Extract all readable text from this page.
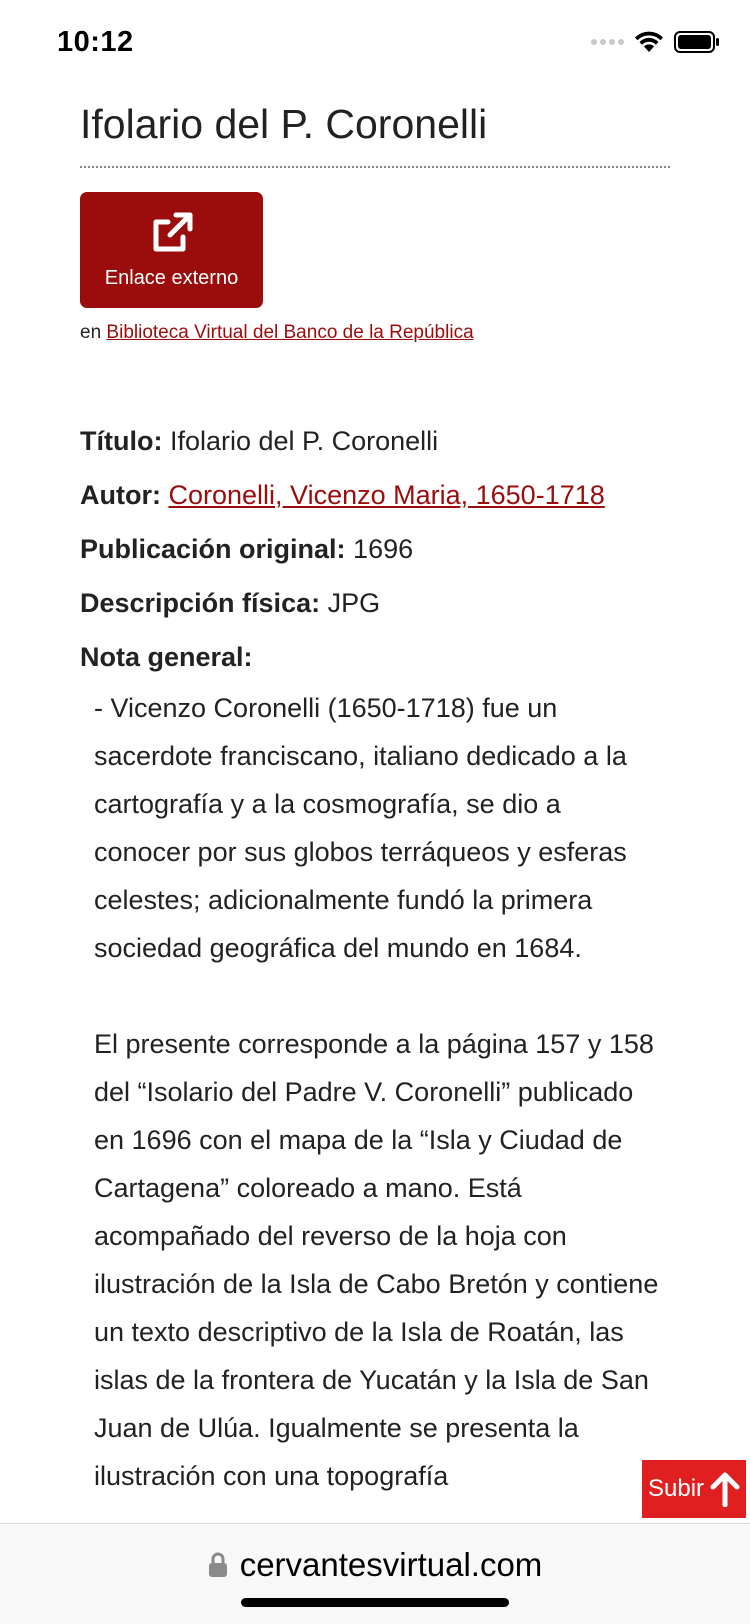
10:12
Ifolario del P. Coronelli
Enlace externo
en Biblioteca Virtual del Banco de la República
Título: Ifolario del P. Coronelli
Autor: Coronelli, Vicenzo Maria, 1650-1718
Publicación original: 1696
Descripción física: JPG
Nota general:

- Vicenzo Coronelli (1650-1718) fue un sacerdote franciscano, italiano dedicado a la cartografía y a la cosmografía, se dio a conocer por sus globos terráqueos y esferas celestes; adicionalmente fundó la primera sociedad geográfica del mundo en 1684.

El presente corresponde a la página 157 y 158 del “Isolario del Padre V. Coronelli” publicado en 1696 con el mapa de la “Isla y Ciudad de Cartagena” coloreado a mano. Está acompañado del reverso de la hoja con ilustración de la Isla de Cabo Bretón y contiene un texto descriptivo de la Isla de Roatán, las islas de la frontera de Yucatán y la Isla de San Juan de Ulúa. Igualmente se presenta la ilustración con una topografía	Subir
cervantesvirtual.com
